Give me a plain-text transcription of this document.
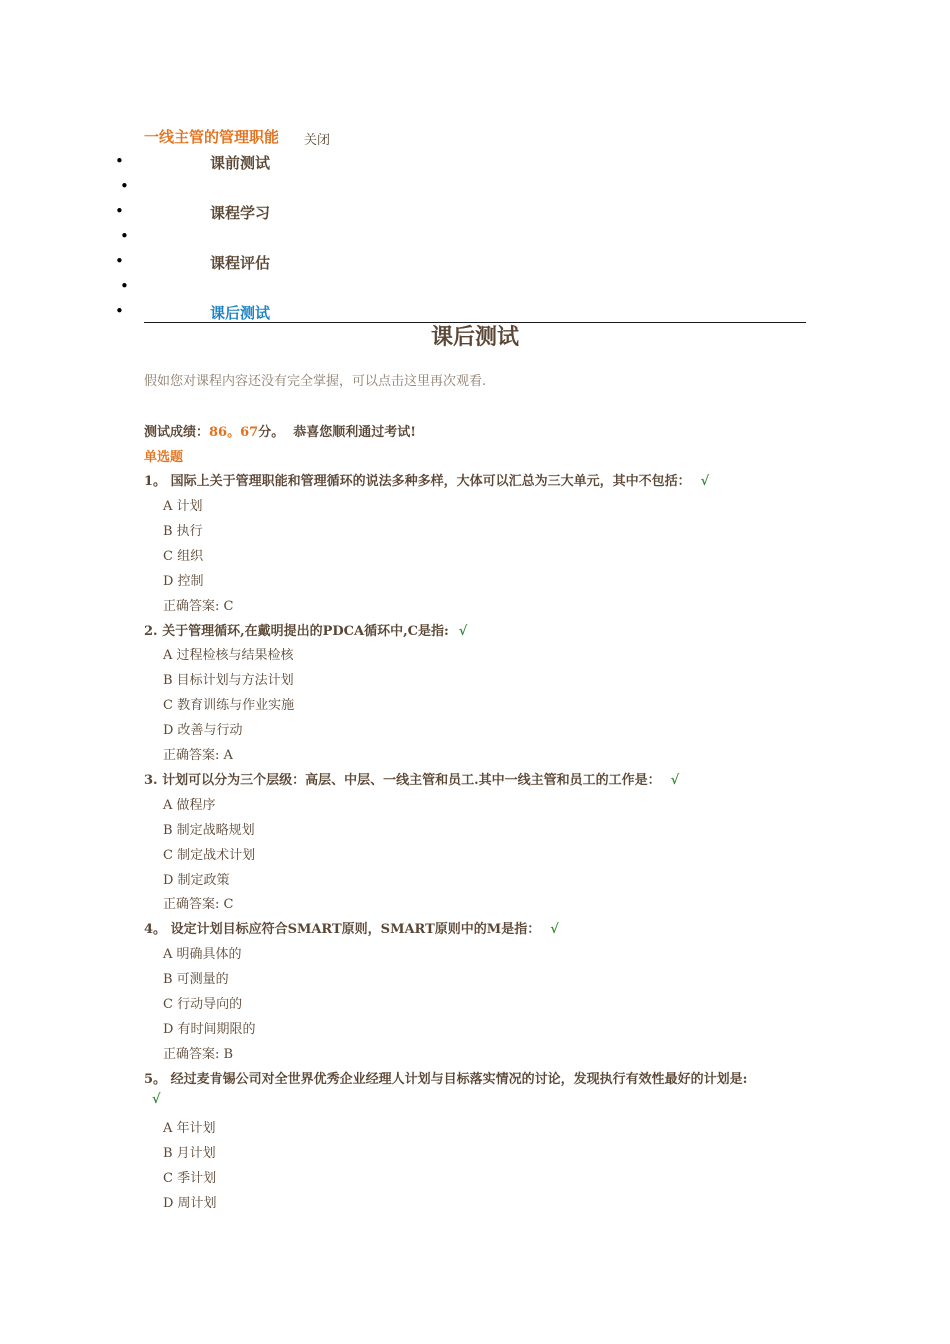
一线主管的管理职能 关闭
•	课前测试
•
•	课程学习
•
•	课程评估
•
•	课后测试
课后测试
假如您对课程内容还没有完全掌握，可以点击这里再次观看.
测试成绩：86。67分。 恭喜您顺利通过考试!
单选题
1。 国际上关于管理职能和管理循环的说法多种多样，大体可以汇总为三大单元，其中不包括： √
A 计划
B 执行
C 组织
D 控制
正确答案: C
2. 关于管理循环,在戴明提出的PDCA循环中,C是指: √
A 过程检核与结果检核
B 目标计划与方法计划
C 教育训练与作业实施
D 改善与行动
正确答案: A
3. 计划可以分为三个层级：高层、中层、一线主管和员工.其中一线主管和员工的工作是： √
A 做程序
B 制定战略规划
C 制定战术计划
D 制定政策
正确答案: C
4。 设定计划目标应符合SMART原则，SMART原则中的M是指： √
A 明确具体的
B 可测量的
C 行动导向的
D 有时间期限的
正确答案: B
5。 经过麦肯锡公司对全世界优秀企业经理人计划与目标落实情况的讨论，发现执行有效性最好的计划是:
√
A 年计划
B 月计划
C 季计划
D 周计划
